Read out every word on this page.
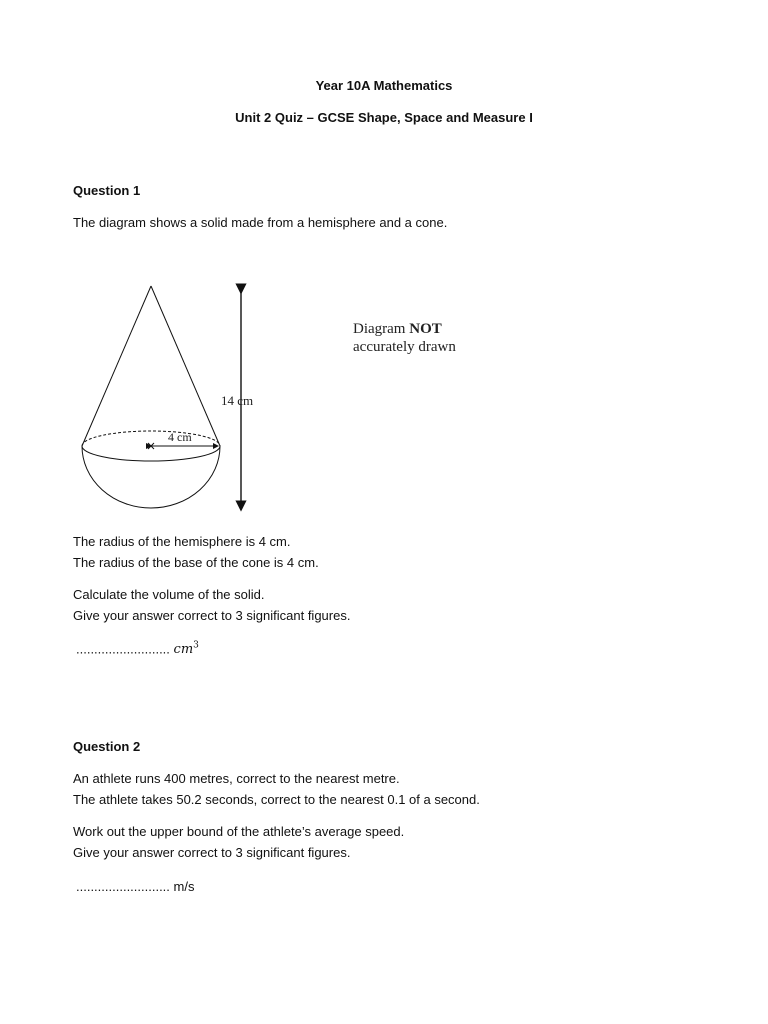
Year 10A Mathematics
Unit 2 Quiz – GCSE Shape, Space and Measure I
Question 1
The diagram shows a solid made from a hemisphere and a cone.
4 cm
14 cm
Diagram NOT
accurately drawn
The radius of the hemisphere is 4 cm.
The radius of the base of the cone is 4 cm.
Calculate the volume of the solid.
Give your answer correct to 3 significant figures.
.......................... $cm^3$
Question 2
An athlete runs 400 metres, correct to the nearest metre.
The athlete takes 50.2 seconds, correct to the nearest 0.1 of a second.
Work out the upper bound of the athlete’s average speed.
Give your answer correct to 3 significant figures.
.......................... m/s
